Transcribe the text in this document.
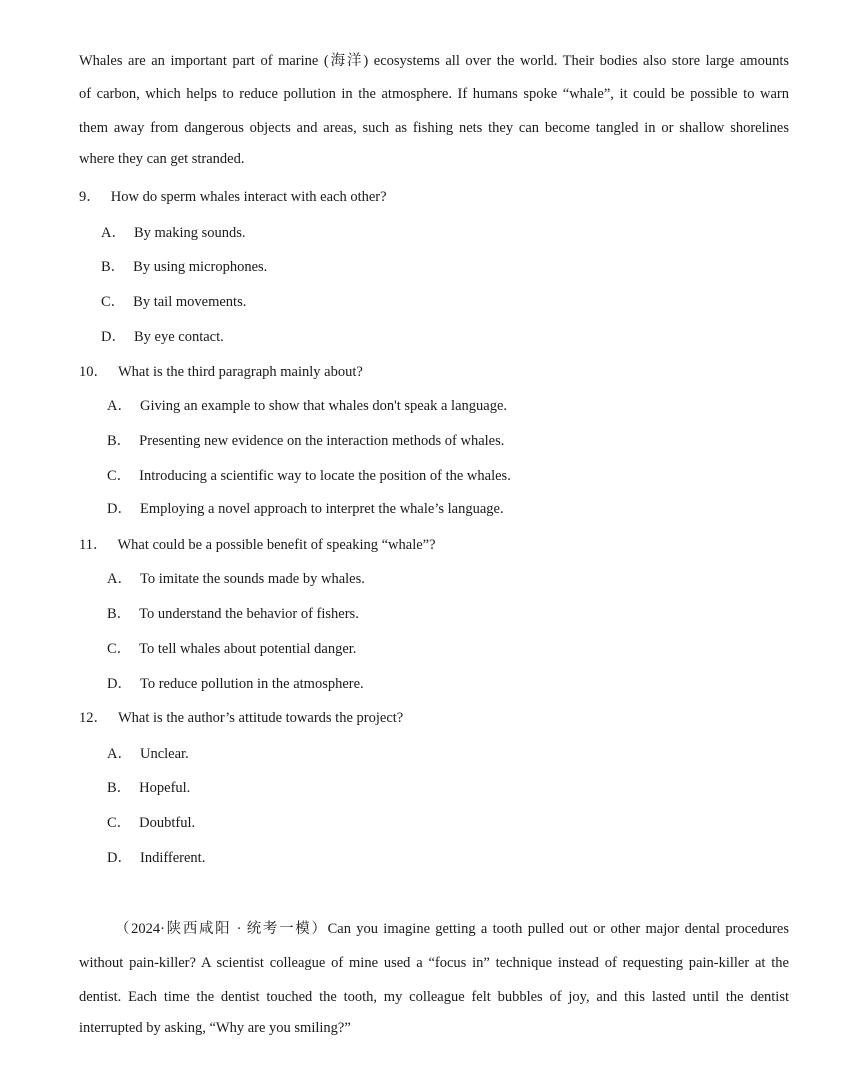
Whales are an important part of marine (海洋) ecosystems all over the world. Their bodies also store large amounts
of carbon, which helps to reduce pollution in the atmosphere. If humans spoke “whale”, it could be possible to warn
them away from dangerous objects and areas, such as fishing nets they can become tangled in or shallow shorelines
where they can get stranded.
9． How do sperm whales interact with each other?
A． By making sounds.
B． By using microphones.
C． By tail movements.
D． By eye contact.
10． What is the third paragraph mainly about?
A． Giving an example to show that whales don't speak a language.
B． Presenting new evidence on the interaction methods of whales.
C． Introducing a scientific way to locate the position of the whales.
D． Employing a novel approach to interpret the whale’s language.
11． What could be a possible benefit of speaking “whale”?
A． To imitate the sounds made by whales.
B． To understand the behavior of fishers.
C． To tell whales about potential danger.
D． To reduce pollution in the atmosphere.
12． What is the author’s attitude towards the project?
A． Unclear.
B． Hopeful.
C． Doubtful.
D． Indifferent.
（2024·陕西咸阳 · 统考一模）Can you imagine getting a tooth pulled out or other major dental procedures
without pain-killer? A scientist colleague of mine used a “focus in” technique instead of requesting pain-killer at the
dentist. Each time the dentist touched the tooth, my colleague felt bubbles of joy, and this lasted until the dentist
interrupted by asking, “Why are you smiling?”
